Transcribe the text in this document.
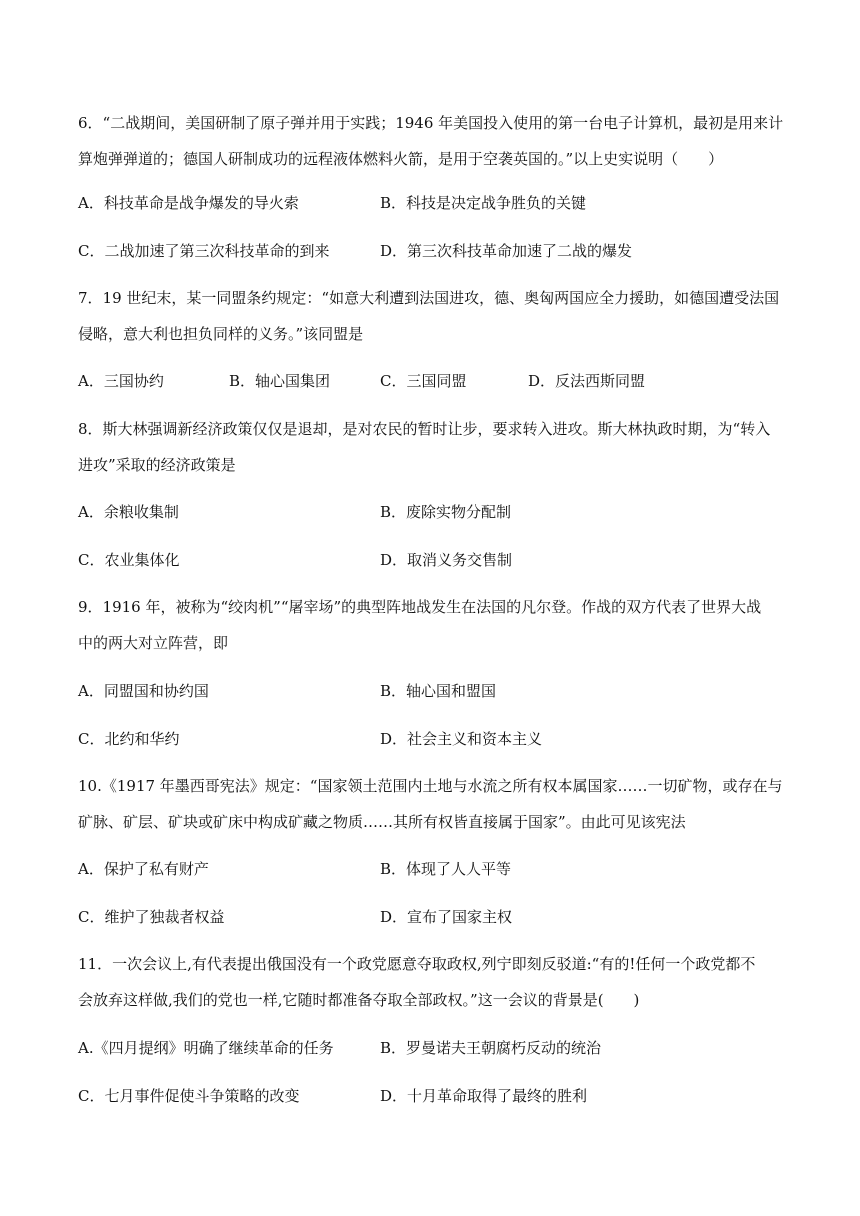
6．“二战期间，美国研制了原子弹并用于实践；1946 年美国投入使用的第一台电子计算机，最初是用来计
算炮弹弹道的；德国人研制成功的远程液体燃料火箭，是用于空袭英国的。”以上史实说明（　　）
A．科技革命是战争爆发的导火索	B．科技是决定战争胜负的关键
C．二战加速了第三次科技革命的到来	D．第三次科技革命加速了二战的爆发
7．19 世纪末，某一同盟条约规定：“如意大利遭到法国进攻，德、奥匈两国应全力援助，如德国遭受法国
侵略，意大利也担负同样的义务。”该同盟是
A．三国协约	B．轴心国集团	C．三国同盟	D．反法西斯同盟
8．斯大林强调新经济政策仅仅是退却，是对农民的暂时让步，要求转入进攻。斯大林执政时期，为“转入
进攻”采取的经济政策是
A．余粮收集制	B．废除实物分配制
C．农业集体化	D．取消义务交售制
9．1916 年，被称为“绞肉机”“屠宰场”的典型阵地战发生在法国的凡尔登。作战的双方代表了世界大战
中的两大对立阵营，即
A．同盟国和协约国	B．轴心国和盟国
C．北约和华约	D．社会主义和资本主义
10.《1917 年墨西哥宪法》规定：“国家领土范围内土地与水流之所有权本属国家……一切矿物，或存在与
矿脉、矿层、矿块或矿床中构成矿藏之物质……其所有权皆直接属于国家”。由此可见该宪法
A．保护了私有财产	B．体现了人人平等
C．维护了独裁者权益	D．宣布了国家主权
11．一次会议上,有代表提出俄国没有一个政党愿意夺取政权,列宁即刻反驳道:“有的!任何一个政党都不
会放弃这样做,我们的党也一样,它随时都准备夺取全部政权。”这一会议的背景是(　　)
A.《四月提纲》明确了继续革命的任务	B．罗曼诺夫王朝腐朽反动的统治
C．七月事件促使斗争策略的改变	D．十月革命取得了最终的胜利
